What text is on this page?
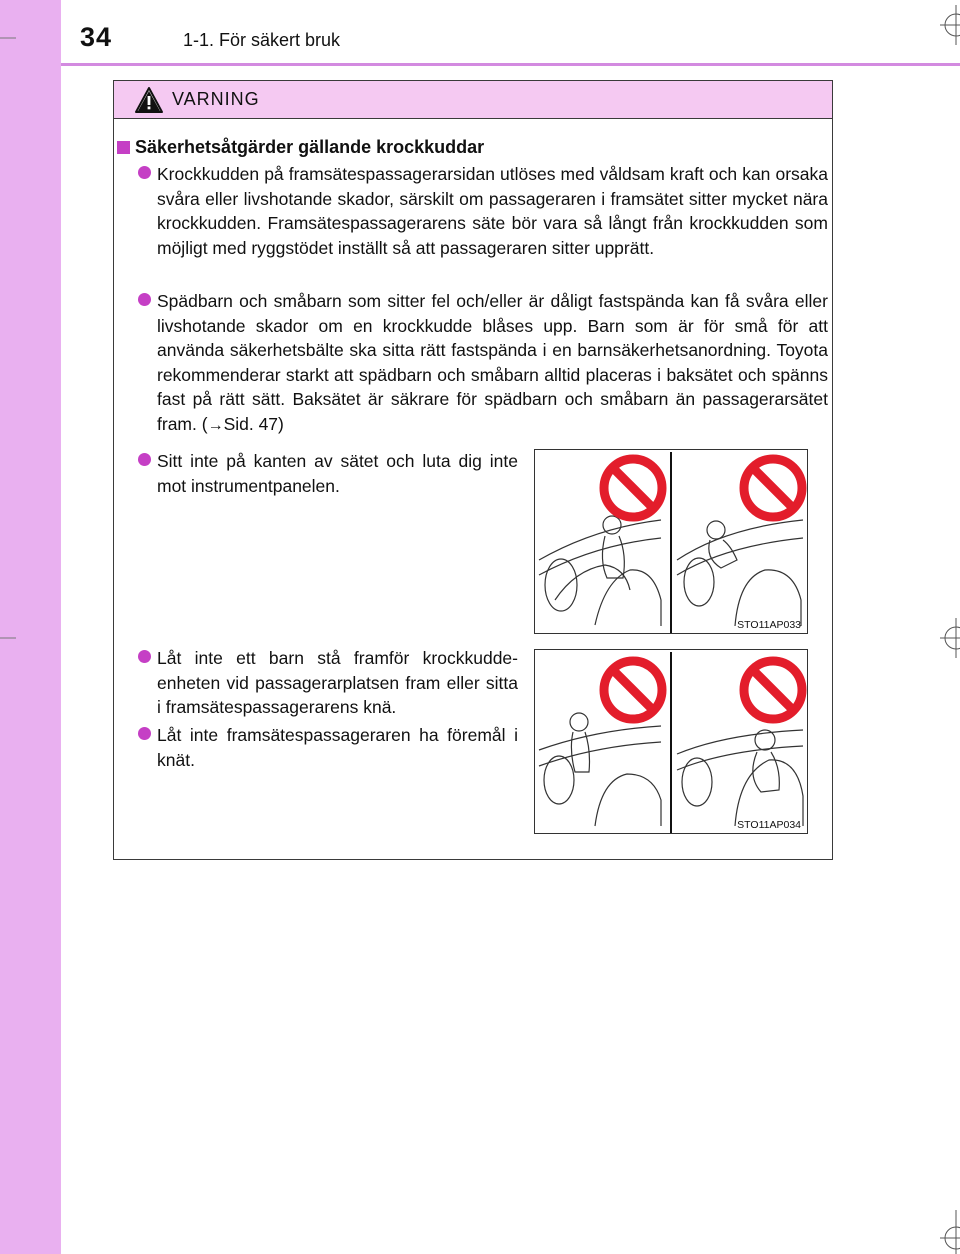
34	1-1. För säkert bruk
VARNING
Säkerhetsåtgärder gällande krockkuddar
Krockkudden på framsätespassagerarsidan utlöses med våldsam kraft och kan orsaka svåra eller livshotande skador, särskilt om passageraren i framsätet sitter mycket nära krockkudden. Framsätespassagerarens säte bör vara så långt från krockkudden som möjligt med ryggstödet inställt så att passageraren sitter upprätt.
Spädbarn och småbarn som sitter fel och/eller är dåligt fastspända kan få svåra eller livshotande skador om en krockkudde blåses upp. Barn som är för små för att använda säkerhetsbälte ska sitta rätt fastspända i en barnsäkerhetsanordning. Toyota rekommenderar starkt att spädbarn och småbarn alltid placeras i baksätet och spänns fast på rätt sätt. Baksätet är säkrare för spädbarn och småbarn än passagerarsätet fram. (→Sid. 47)
Sitt inte på kanten av sätet och luta dig inte mot instrumentpanelen.
Låt inte ett barn stå framför krockkuddeenheten vid passagerarplatsen fram eller sitta i framsätespassagerarens knä.
Låt inte framsätespassageraren ha föremål i knät.
STO11AP033
STO11AP034
